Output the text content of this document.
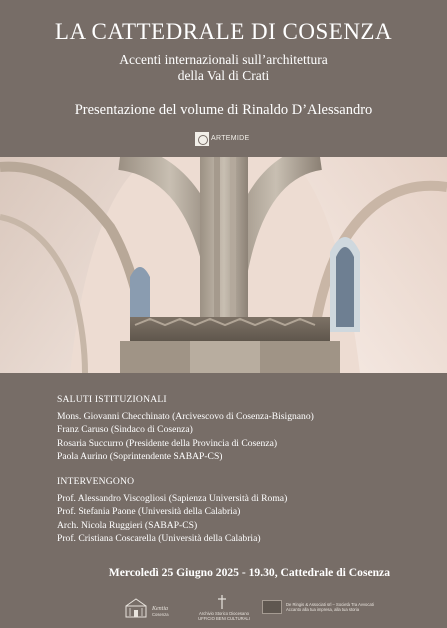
LA CATTEDRALE DI COSENZA
Accenti internazionali sull’architettura
della Val di Crati
Presentazione del volume di Rinaldo D’Alessandro
ARTEMIDE
SALUTI ISTITUZIONALI
Mons. Giovanni Checchinato (Arcivescovo di Cosenza-Bisignano)
Franz Caruso (Sindaco di Cosenza)
Rosaria Succurro (Presidente della Provincia di Cosenza)
Paola Aurino (Soprintendente SABAP-CS)
INTERVENGONO
Prof. Alessandro Viscogliosi (Sapienza Università di Roma)
Prof. Stefania Paone (Università della Calabria)
Arch. Nicola Ruggieri (SABAP-CS)
Prof. Cristiana Coscarella (Università della Calabria)
Mercoledì 25 Giugno 2025 - 19.30, Cattedrale di Cosenza
Kentia
Cosenza	Archivio Storico Diocesano
UFFICIO BENI CULTURALI
De Ringis & Associati srl – Società Tra Avvocati
Accanto alla tua impresa, alla tua storia
